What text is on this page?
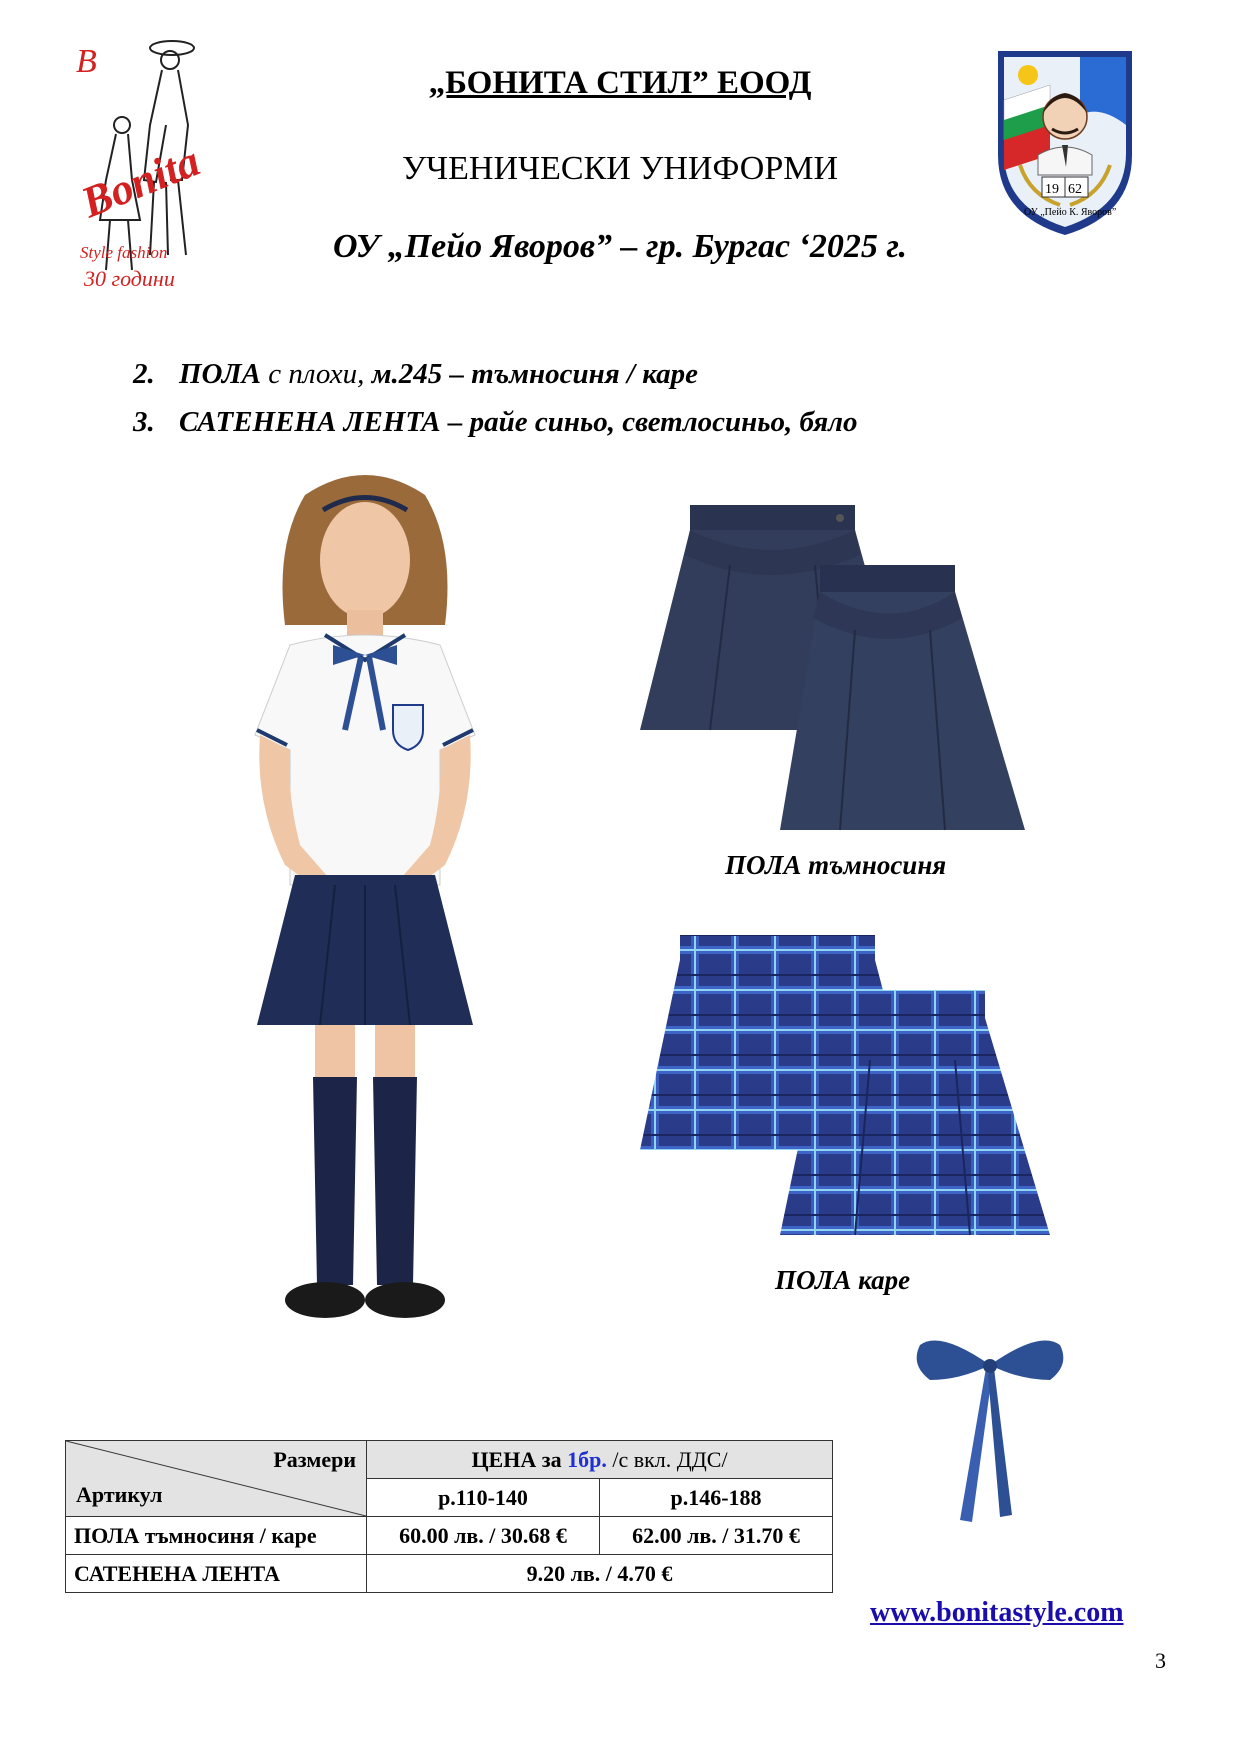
B
Bonita
Style fashion
30 години
19 62
ОУ „Пейо К. Яворов”
„БОНИТА СТИЛ” ЕООД
УЧЕНИЧЕСКИ УНИФОРМИ
ОУ „Пейо Яворов” – гр. Бургас ‘2025 г.
2. ПОЛА с плохи, м.245 – тъмносиня / каре
3. САТЕНЕНА ЛЕНТА – райе синьо, светлосиньо, бяло
ПОЛА тъмносиня
ПОЛА каре
Размери
Артикул	ЦЕНА за 1бр. /с вкл. ДДС/	
	р.110-140	р.146-188
ПОЛА тъмносиня / каре	60.00 лв. / 30.68 €	62.00 лв. / 31.70 €
САТЕНЕНА ЛЕНТА	9.20 лв. / 4.70 €	
www.bonitastyle.com
3
